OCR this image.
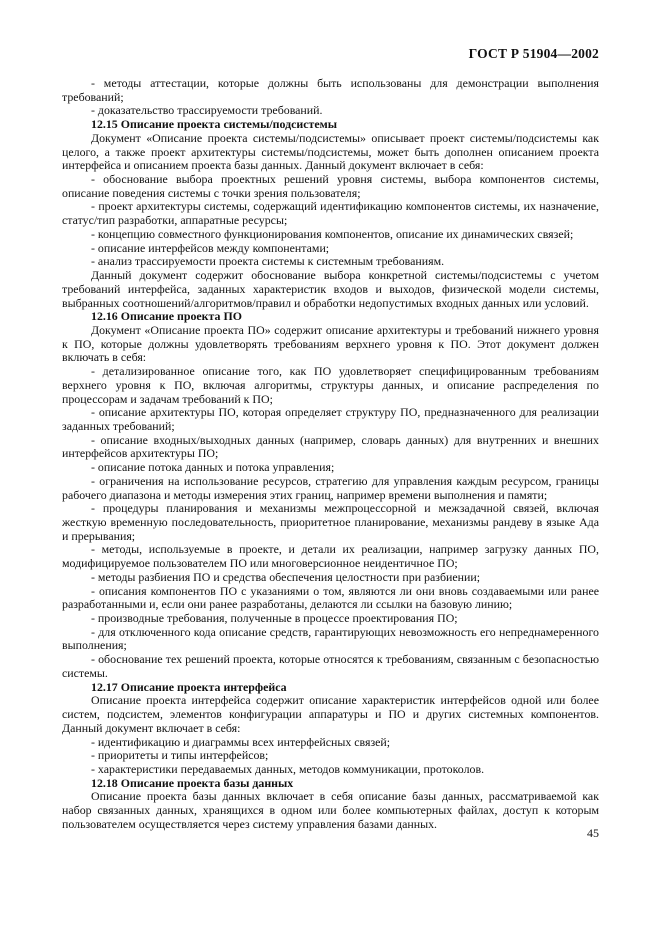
ГОСТ Р 51904—2002

- методы аттестации, которые должны быть использованы для демонстрации выполнения требований;

- доказательство трассируемости требований.

12.15 Описание проекта системы/подсистемы

Документ «Описание проекта системы/подсистемы» описывает проект системы/подсистемы как целого, а также проект архитектуры системы/подсистемы, может быть дополнен описанием проекта интерфейса и описанием проекта базы данных. Данный документ включает в себя:

- обоснование выбора проектных решений уровня системы, выбора компонентов системы, описание поведения системы с точки зрения пользователя;

- проект архитектуры системы, содержащий идентификацию компонентов системы, их назначение, статус/тип разработки, аппаратные ресурсы;

- концепцию совместного функционирования компонентов, описание их динамических связей;

- описание интерфейсов между компонентами;

- анализ трассируемости проекта системы к системным требованиям.

Данный документ содержит обоснование выбора конкретной системы/подсистемы с учетом требований интерфейса, заданных характеристик входов и выходов, физической модели системы, выбранных соотношений/алгоритмов/правил и обработки недопустимых входных данных или условий.

12.16 Описание проекта ПО

Документ «Описание проекта ПО» содержит описание архитектуры и требований нижнего уровня к ПО, которые должны удовлетворять требованиям верхнего уровня к ПО. Этот документ должен включать в себя:

- детализированное описание того, как ПО удовлетворяет специфицированным требованиям верхнего уровня к ПО, включая алгоритмы, структуры данных, и описание распределения по процессорам и задачам требований к ПО;

- описание архитектуры ПО, которая определяет структуру ПО, предназначенного для реализации заданных требований;

- описание входных/выходных данных (например, словарь данных) для внутренних и внешних интерфейсов архитектуры ПО;

- описание потока данных и потока управления;

- ограничения на использование ресурсов, стратегию для управления каждым ресурсом, границы рабочего диапазона и методы измерения этих границ, например времени выполнения и памяти;

- процедуры планирования и механизмы межпроцессорной и межзадачной связей, включая жесткую временную последовательность, приоритетное планирование, механизмы рандеву в языке Ада и прерывания;

- методы, используемые в проекте, и детали их реализации, например загрузку данных ПО, модифицируемое пользователем ПО или многоверсионное неидентичное ПО;

- методы разбиения ПО и средства обеспечения целостности при разбиении;

- описания компонентов ПО с указаниями о том, являются ли они вновь создаваемыми или ранее разработанными и, если они ранее разработаны, делаются ли ссылки на базовую линию;

- производные требования, полученные в процессе проектирования ПО;

- для отключенного кода описание средств, гарантирующих невозможность его непреднамеренного выполнения;

- обоснование тех решений проекта, которые относятся к требованиям, связанным с безопасностью системы.

12.17 Описание проекта интерфейса

Описание проекта интерфейса содержит описание характеристик интерфейсов одной или более систем, подсистем, элементов конфигурации аппаратуры и ПО и других системных компонентов. Данный документ включает в себя:

- идентификацию и диаграммы всех интерфейсных связей;

- приоритеты и типы интерфейсов;

- характеристики передаваемых данных, методов коммуникации, протоколов.

12.18 Описание проекта базы данных

Описание проекта базы данных включает в себя описание базы данных, рассматриваемой как набор связанных данных, хранящихся в одном или более компьютерных файлах, доступ к которым пользователем осуществляется через систему управления базами данных.

45
